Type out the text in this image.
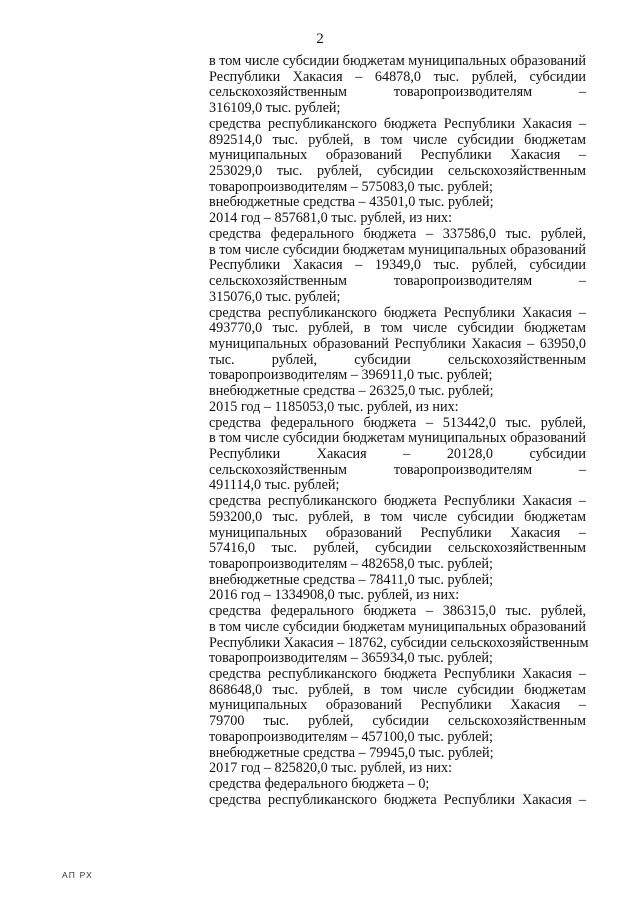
2
в том числе субсидии бюджетам муниципальных образований
Республики Хакасия – 64878,0 тыс. рублей, субсидии
сельскохозяйственным товаропроизводителям –
316109,0 тыс. рублей;
средства республиканского бюджета Республики Хакасия –
892514,0 тыс. рублей, в том числе субсидии бюджетам
муниципальных образований Республики Хакасия –
253029,0 тыс. рублей, субсидии сельскохозяйственным
товаропроизводителям – 575083,0 тыс. рублей;
внебюджетные средства – 43501,0 тыс. рублей;
2014 год – 857681,0 тыс. рублей, из них:
средства федерального бюджета – 337586,0 тыс. рублей,
в том числе субсидии бюджетам муниципальных образований
Республики Хакасия – 19349,0 тыс. рублей, субсидии
сельскохозяйственным товаропроизводителям –
315076,0 тыс. рублей;
средства республиканского бюджета Республики Хакасия –
493770,0 тыс. рублей, в том числе субсидии бюджетам
муниципальных образований Республики Хакасия – 63950,0
тыс. рублей, субсидии сельскохозяйственным
товаропроизводителям – 396911,0 тыс. рублей;
внебюджетные средства – 26325,0 тыс. рублей;
2015 год – 1185053,0 тыс. рублей, из них:
средства федерального бюджета – 513442,0 тыс. рублей,
в том числе субсидии бюджетам муниципальных образований
Республики Хакасия – 20128,0 субсидии
сельскохозяйственным товаропроизводителям –
491114,0 тыс. рублей;
средства республиканского бюджета Республики Хакасия –
593200,0 тыс. рублей, в том числе субсидии бюджетам
муниципальных образований Республики Хакасия –
57416,0 тыс. рублей, субсидии сельскохозяйственным
товаропроизводителям – 482658,0 тыс. рублей;
внебюджетные средства – 78411,0 тыс. рублей;
2016 год – 1334908,0 тыс. рублей, из них:
средства федерального бюджета – 386315,0 тыс. рублей,
в том числе субсидии бюджетам муниципальных образований
Республики Хакасия – 18762, субсидии сельскохозяйственным
товаропроизводителям – 365934,0 тыс. рублей;
средства республиканского бюджета Республики Хакасия –
868648,0 тыс. рублей, в том числе субсидии бюджетам
муниципальных образований Республики Хакасия –
79700 тыс. рублей, субсидии сельскохозяйственным
товаропроизводителям – 457100,0 тыс. рублей;
внебюджетные средства – 79945,0 тыс. рублей;
2017 год – 825820,0 тыс. рублей, из них:
средства федерального бюджета – 0;
средства республиканского бюджета Республики Хакасия –
АП РХ
